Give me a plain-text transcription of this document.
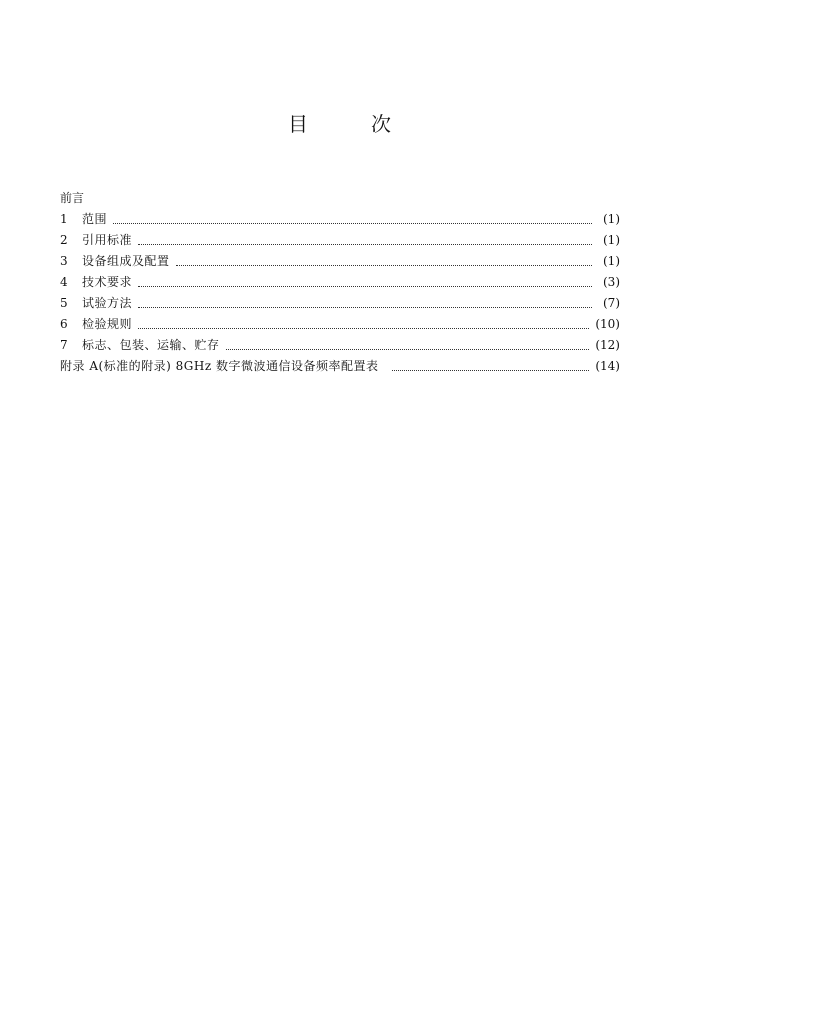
目	次
前言
1	范围	(1)
2	引用标准	(1)
3	设备组成及配置	(1)
4	技术要求	(3)
5	试验方法	(7)
6	检验规则	(10)
7	标志、包装、运输、贮存	(12)
附录 A(标准的附录) 8GHz 数字微波通信设备频率配置表	(14)
